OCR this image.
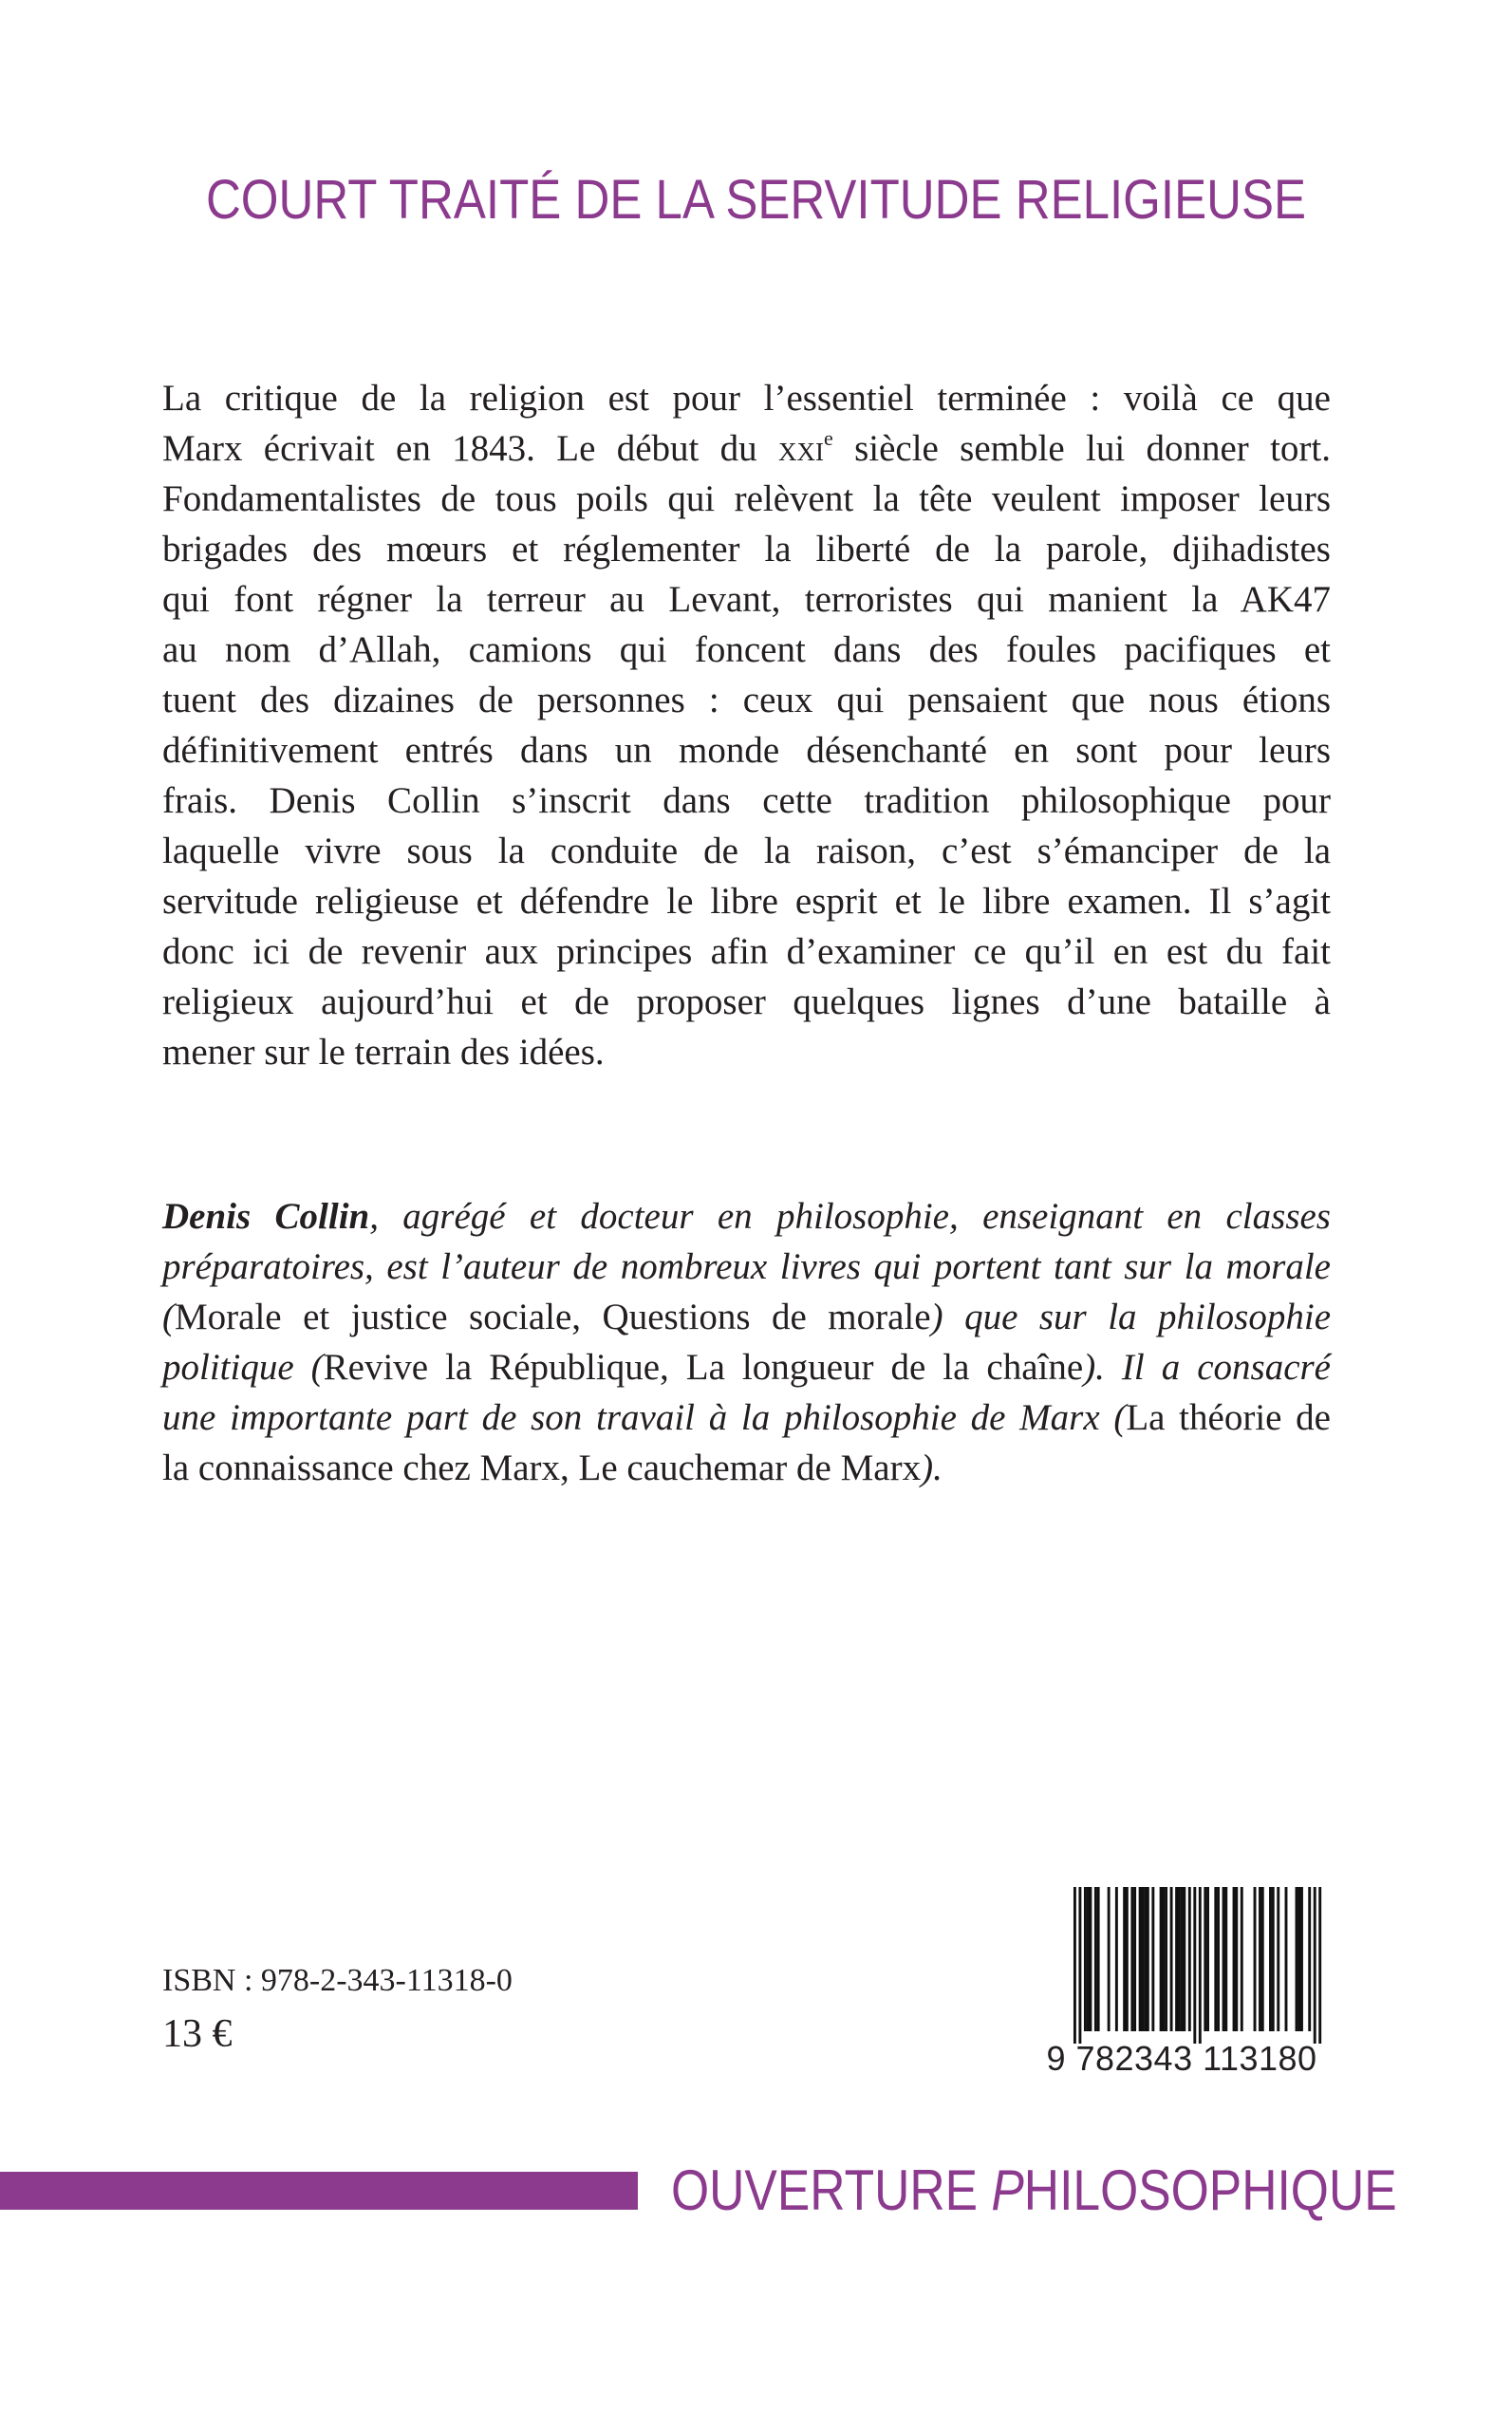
COURT TRAITÉ DE LA SERVITUDE RELIGIEUSE
La critique de la religion est pour l’essentiel terminée : voilà ce que
Marx écrivait en 1843. Le début du xxi$^e$ siècle semble lui donner tort.
Fondamentalistes de tous poils qui relèvent la tête veulent imposer leurs
brigades des mœurs et réglementer la liberté de la parole, djihadistes
qui font régner la terreur au Levant, terroristes qui manient la AK47
au nom d’Allah, camions qui foncent dans des foules pacifiques et
tuent des dizaines de personnes : ceux qui pensaient que nous étions
définitivement entrés dans un monde désenchanté en sont pour leurs
frais. Denis Collin s’inscrit dans cette tradition philosophique pour
laquelle vivre sous la conduite de la raison, c’est s’émanciper de la
servitude religieuse et défendre le libre esprit et le libre examen. Il s’agit
donc ici de revenir aux principes afin d’examiner ce qu’il en est du fait
religieux aujourd’hui et de proposer quelques lignes d’une bataille à
mener sur le terrain des idées.
Denis Collin, agrégé et docteur en philosophie, enseignant en classes
préparatoires, est l’auteur de nombreux livres qui portent tant sur la morale
(Morale et justice sociale, Questions de morale) que sur la philosophie
politique (Revive la République, La longueur de la chaîne). Il a consacré
une importante part de son travail à la philosophie de Marx (La théorie de
la connaissance chez Marx, Le cauchemar de Marx).
ISBN : 978-2-343-11318-0
13 €
9 782343 113180
OUVERTURE PHILOSOPHIQUE
